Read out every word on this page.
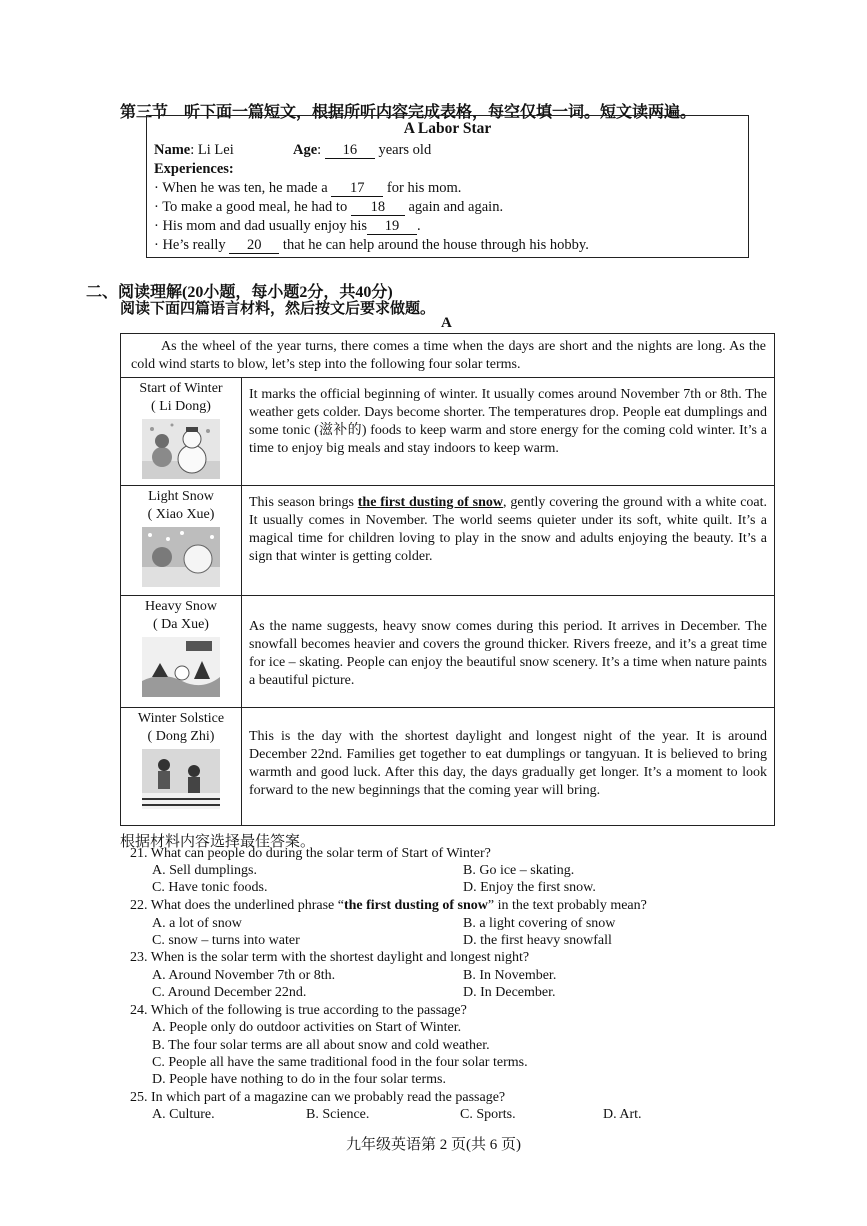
第三节　听下面一篇短文，根据所听内容完成表格，每空仅填一词。短文读两遍。
A Labor Star
Name: Li Lei	Age: 16 years old
Experiences:
· When he was ten, he made a 17 for his mom.
· To make a good meal, he had to 18 again and again.
· His mom and dad usually enjoy his 19 .
· He’s really 20 that he can help around the house through his hobby.
二、阅读理解(20小题，每小题2分，共40分)
阅读下面四篇语言材料，然后按文后要求做题。
A
As the wheel of the year turns, there comes a time when the days are short and the nights are long. As the cold wind starts to blow, let’s step into the following four solar terms.	

Start of Winter
( Li Dong)	It marks the official beginning of winter. It usually comes around November 7th or 8th. The weather gets colder. Days become shorter. The temperatures drop. People eat dumplings and some tonic (滋补的) foods to keep warm and store energy for the coming cold winter. It’s a time to enjoy big meals and stay indoors to keep warm.

Light Snow
( Xiao Xue)	This season brings the first dusting of snow, gently covering the ground with a white coat. It usually comes in November. The world seems quieter under its soft, white quilt. It’s a magical time for children loving to play in the snow and adults enjoying the beauty. It’s a sign that winter is getting colder.

Heavy Snow
( Da Xue)	As the name suggests, heavy snow comes during this period. It arrives in December. The snowfall becomes heavier and covers the ground thicker. Rivers freeze, and it’s a great time for ice – skating. People can enjoy the beautiful snow scenery. It’s a time when nature paints a beautiful picture.

Winter Solstice
( Dong Zhi)	This is the day with the shortest daylight and longest night of the year. It is around December 22nd. Families get together to eat dumplings or tangyuan. It is believed to bring warmth and good luck. After this day, the days gradually get longer. It’s a moment to look forward to the new beginnings that the coming year will bring.
根据材料内容选择最佳答案。
21. What can people do during the solar term of Start of Winter?
A. Sell dumplings.	B. Go ice – skating.
C. Have tonic foods.	D. Enjoy the first snow.
22. What does the underlined phrase “the first dusting of snow” in the text probably mean?
A. a lot of snow	B. a light covering of snow
C. snow – turns into water	D. the first heavy snowfall
23. When is the solar term with the shortest daylight and longest night?
A. Around November 7th or 8th.	B. In November.
C. Around December 22nd.	D. In December.
24. Which of the following is true according to the passage?
A. People only do outdoor activities on Start of Winter.
B. The four solar terms are all about snow and cold weather.
C. People all have the same traditional food in the four solar terms.
D. People have nothing to do in the four solar terms.
25. In which part of a magazine can we probably read the passage?
A. Culture.	B. Science.	C. Sports.	D. Art.
九年级英语第 2 页(共 6 页)
